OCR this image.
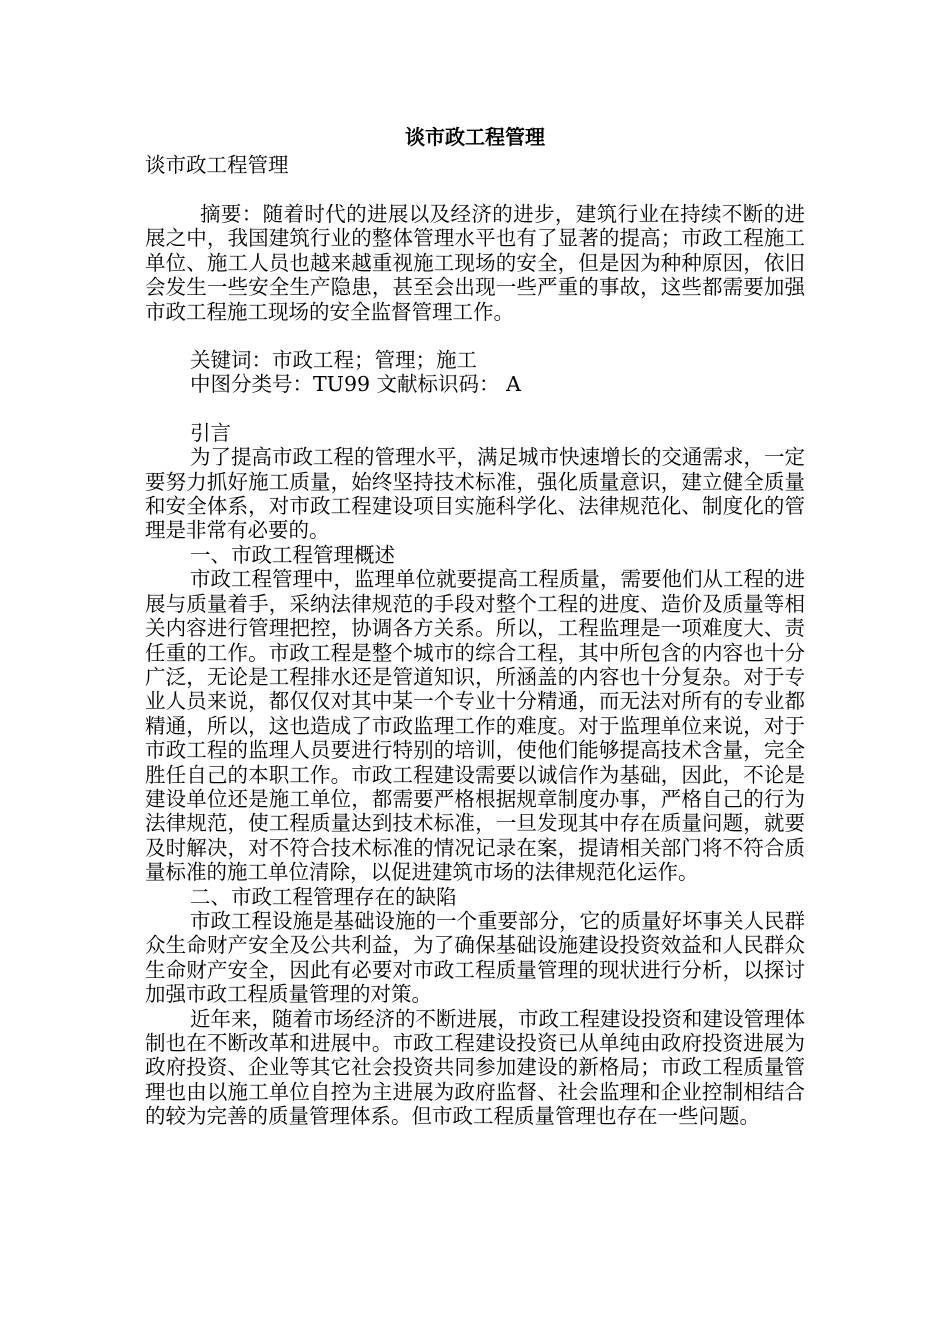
谈市政工程管理

谈市政工程管理

摘要：随着时代的进展以及经济的进步，建筑行业在持续不断的进展之中，我国建筑行业的整体管理水平也有了显著的提高；市政工程施工单位、施工人员也越来越重视施工现场的安全，但是因为种种原因，依旧会发生一些安全生产隐患，甚至会出现一些严重的事故，这些都需要加强市政工程施工现场的安全监督管理工作。

关键词：市政工程；管理；施工

中图分类号：TU99 文献标识码： A

引言

为了提高市政工程的管理水平，满足城市快速增长的交通需求，一定要努力抓好施工质量，始终坚持技术标准，强化质量意识，建立健全质量和安全体系，对市政工程建设项目实施科学化、法律规范化、制度化的管理是非常有必要的。

一、市政工程管理概述

市政工程管理中，监理单位就要提高工程质量，需要他们从工程的进展与质量着手，采纳法律规范的手段对整个工程的进度、造价及质量等相关内容进行管理把控，协调各方关系。所以，工程监理是一项难度大、责任重的工作。市政工程是整个城市的综合工程，其中所包含的内容也十分广泛，无论是工程排水还是管道知识，所涵盖的内容也十分复杂。对于专业人员来说，都仅仅对其中某一个专业十分精通，而无法对所有的专业都精通，所以，这也造成了市政监理工作的难度。对于监理单位来说，对于市政工程的监理人员要进行特别的培训，使他们能够提高技术含量，完全胜任自己的本职工作。市政工程建设需要以诚信作为基础，因此，不论是建设单位还是施工单位，都需要严格根据规章制度办事，严格自己的行为法律规范，使工程质量达到技术标准，一旦发现其中存在质量问题，就要及时解决，对不符合技术标准的情况记录在案，提请相关部门将不符合质量标准的施工单位清除，以促进建筑市场的法律规范化运作。

二、市政工程管理存在的缺陷

市政工程设施是基础设施的一个重要部分，它的质量好坏事关人民群众生命财产安全及公共利益，为了确保基础设施建设投资效益和人民群众生命财产安全，因此有必要对市政工程质量管理的现状进行分析，以探讨加强市政工程质量管理的对策。

近年来，随着市场经济的不断进展，市政工程建设投资和建设管理体制也在不断改革和进展中。市政工程建设投资已从单纯由政府投资进展为政府投资、企业等其它社会投资共同参加建设的新格局；市政工程质量管理也由以施工单位自控为主进展为政府监督、社会监理和企业控制相结合的较为完善的质量管理体系。但市政工程质量管理也存在一些问题。
